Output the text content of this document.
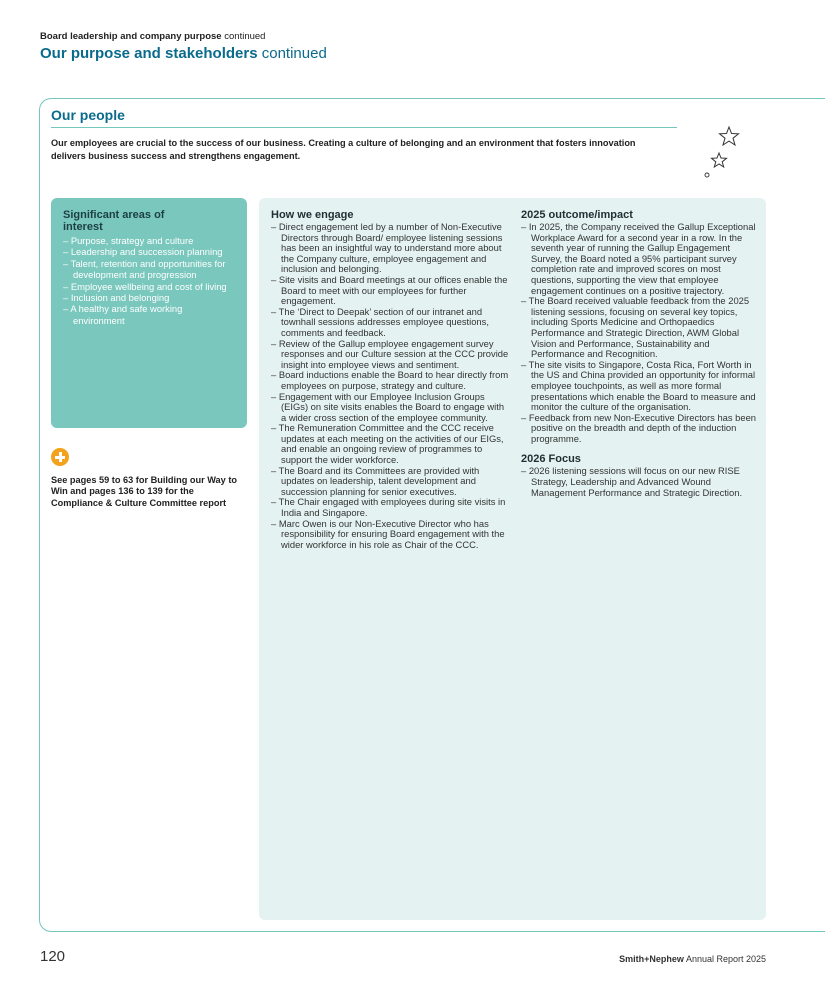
Board leadership and company purpose continued
Our purpose and stakeholders continued
Our people
Our employees are crucial to the success of our business. Creating a culture of belonging and an environment that fosters innovation delivers business success and strengthens engagement.
Significant areas of interest
– Purpose, strategy and culture
– Leadership and succession planning
– Talent, retention and opportunities for development and progression
– Employee wellbeing and cost of living
– Inclusion and belonging
– A healthy and safe working environment
See pages 59 to 63 for Building our Way to Win and pages 136 to 139 for the Compliance & Culture Committee report
How we engage
– Direct engagement led by a number of Non-Executive Directors through Board/ employee listening sessions has been an insightful way to understand more about the Company culture, employee engagement and inclusion and belonging.
– Site visits and Board meetings at our offices enable the Board to meet with our employees for further engagement.
– The ‘Direct to Deepak’ section of our intranet and townhall sessions addresses employee questions, comments and feedback.
– Review of the Gallup employee engagement survey responses and our Culture session at the CCC provide insight into employee views and sentiment.
– Board inductions enable the Board to hear directly from employees on purpose, strategy and culture.
– Engagement with our Employee Inclusion Groups (EIGs) on site visits enables the Board to engage with a wider cross section of the employee community.
– The Remuneration Committee and the CCC receive updates at each meeting on the activities of our EIGs, and enable an ongoing review of programmes to support the wider workforce.
– The Board and its Committees are provided with updates on leadership, talent development and succession planning for senior executives.
– The Chair engaged with employees during site visits in India and Singapore.
– Marc Owen is our Non-Executive Director who has responsibility for ensuring Board engagement with the wider workforce in his role as Chair of the CCC.
2025 outcome/impact
– In 2025, the Company received the Gallup Exceptional Workplace Award for a second year in a row. In the seventh year of running the Gallup Engagement Survey, the Board noted a 95% participant survey completion rate and improved scores on most questions, supporting the view that employee engagement continues on a positive trajectory.
– The Board received valuable feedback from the 2025 listening sessions, focusing on several key topics, including Sports Medicine and Orthopaedics Performance and Strategic Direction, AWM Global Vision and Performance, Sustainability and Performance and Recognition.
– The site visits to Singapore, Costa Rica, Fort Worth in the US and China provided an opportunity for informal employee touchpoints, as well as more formal presentations which enable the Board to measure and monitor the culture of the organisation.
– Feedback from new Non-Executive Directors has been positive on the breadth and depth of the induction programme.
2026 Focus
– 2026 listening sessions will focus on our new RISE Strategy, Leadership and Advanced Wound Management Performance and Strategic Direction.
120	Smith+Nephew Annual Report 2025
